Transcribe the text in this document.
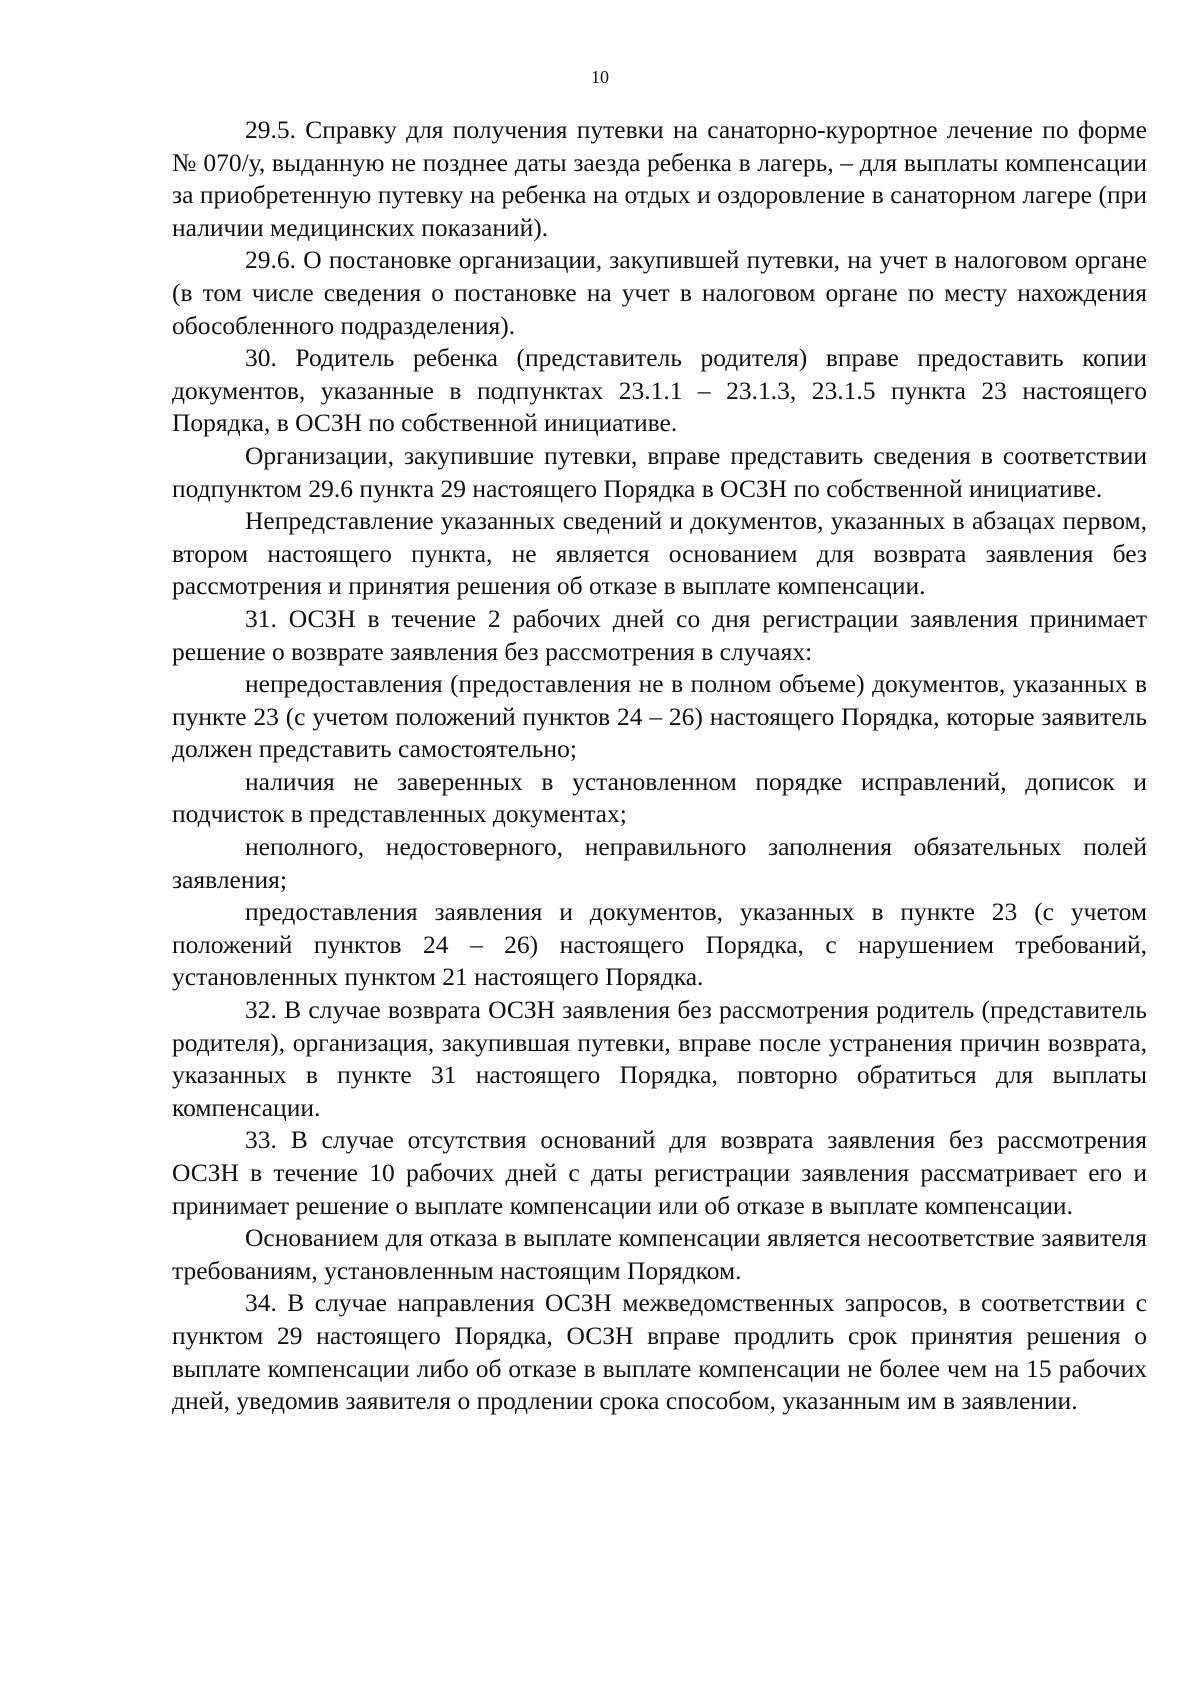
10

29.5. Справку для получения путевки на санаторно-курортное лечение по форме № 070/у, выданную не позднее даты заезда ребенка в лагерь, – для выплаты компенсации за приобретенную путевку на ребенка на отдых и оздоровление в санаторном лагере (при наличии медицинских показаний).

29.6. О постановке организации, закупившей путевки, на учет в налоговом органе (в том числе сведения о постановке на учет в налоговом органе по месту нахождения обособленного подразделения).

30. Родитель ребенка (представитель родителя) вправе предоставить копии документов, указанные в подпунктах 23.1.1 – 23.1.3, 23.1.5 пункта 23 настоящего Порядка, в ОСЗН по собственной инициативе.

Организации, закупившие путевки, вправе представить сведения в соответствии подпунктом 29.6 пункта 29 настоящего Порядка в ОСЗН по собственной инициативе.

Непредставление указанных сведений и документов, указанных в абзацах первом, втором настоящего пункта, не является основанием для возврата заявления без рассмотрения и принятия решения об отказе в выплате компенсации.

31. ОСЗН в течение 2 рабочих дней со дня регистрации заявления принимает решение о возврате заявления без рассмотрения в случаях:

непредоставления (предоставления не в полном объеме) документов, указанных в пункте 23 (с учетом положений пунктов 24 – 26) настоящего Порядка, которые заявитель должен представить самостоятельно;

наличия не заверенных в установленном порядке исправлений, дописок и подчисток в представленных документах;

неполного, недостоверного, неправильного заполнения обязательных полей заявления;

предоставления заявления и документов, указанных в пункте 23 (с учетом положений пунктов 24 – 26) настоящего Порядка, с нарушением требований, установленных пунктом 21 настоящего Порядка.

32. В случае возврата ОСЗН заявления без рассмотрения родитель (представитель родителя), организация, закупившая путевки, вправе после устранения причин возврата, указанных в пункте 31 настоящего Порядка, повторно обратиться для выплаты компенсации.

33. В случае отсутствия оснований для возврата заявления без рассмотрения ОСЗН в течение 10 рабочих дней с даты регистрации заявления рассматривает его и принимает решение о выплате компенсации или об отказе в выплате компенсации.

Основанием для отказа в выплате компенсации является несоответствие заявителя требованиям, установленным настоящим Порядком.

34. В случае направления ОСЗН межведомственных запросов, в соответствии с пунктом 29 настоящего Порядка, ОСЗН вправе продлить срок принятия решения о выплате компенсации либо об отказе в выплате компенсации не более чем на 15 рабочих дней, уведомив заявителя о продлении срока способом, указанным им в заявлении.
